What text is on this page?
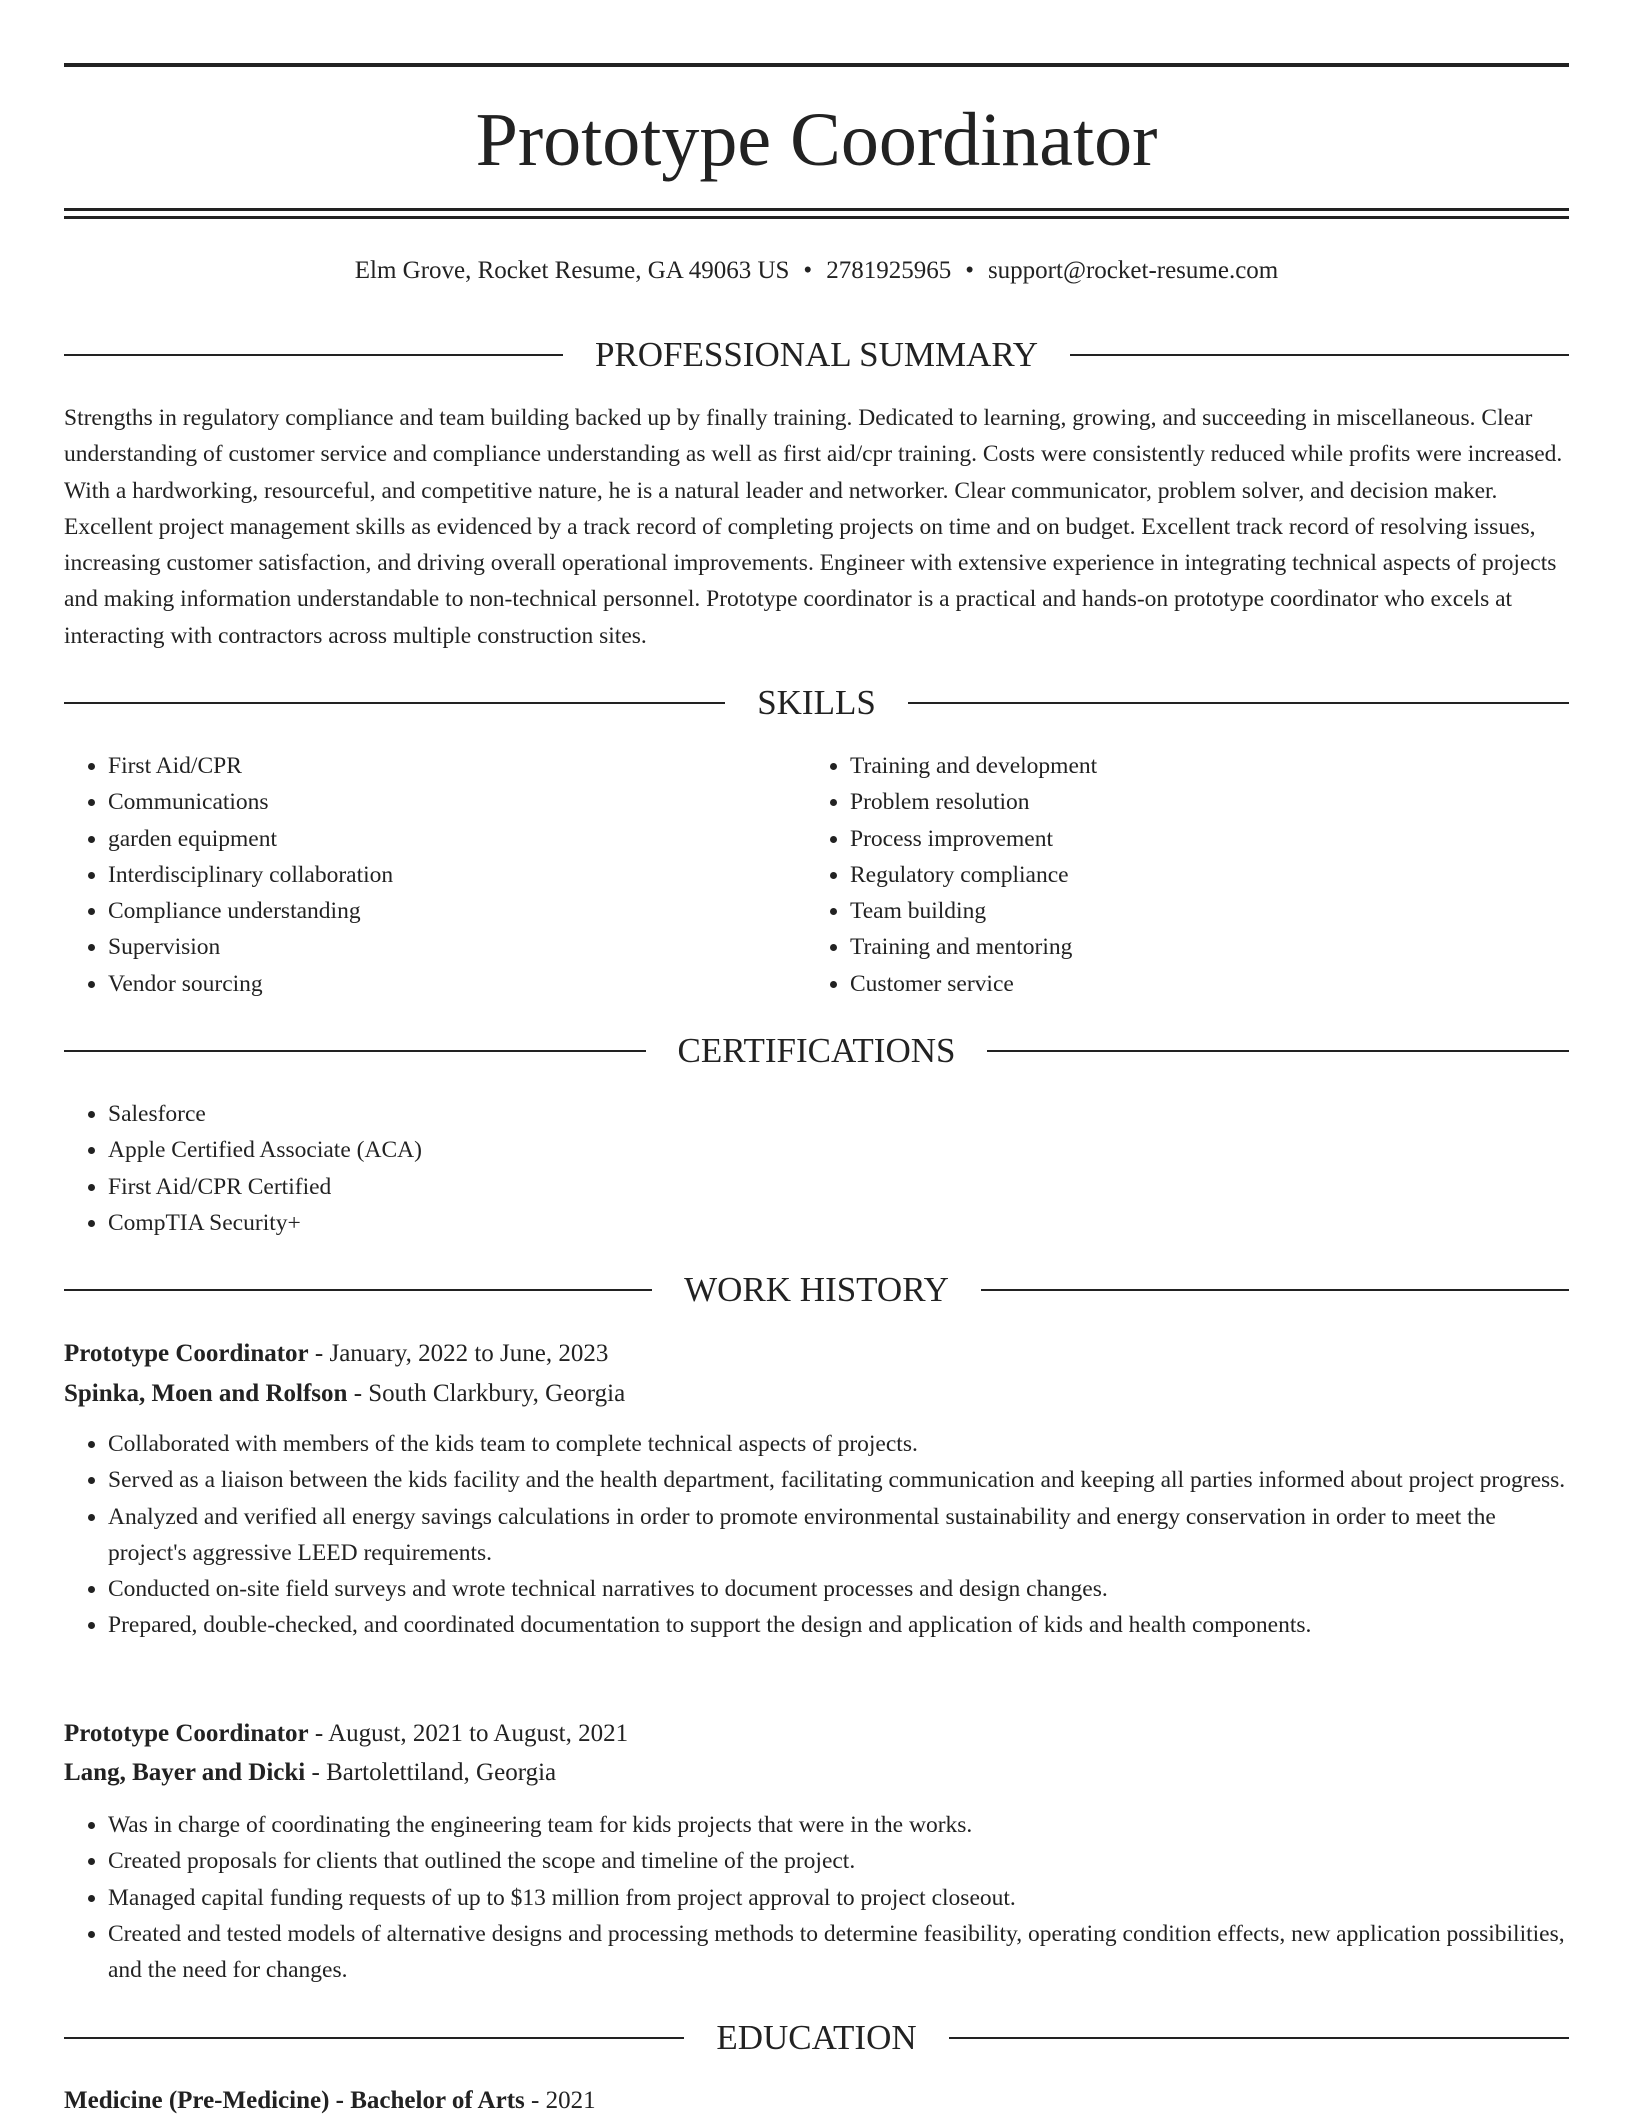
Prototype Coordinator
Elm Grove, Rocket Resume, GA 49063 US • 2781925965 • support@rocket-resume.com
PROFESSIONAL SUMMARY

Strengths in regulatory compliance and team building backed up by finally training. Dedicated to learning, growing, and succeeding in miscellaneous. Clear understanding of customer service and compliance understanding as well as first aid/cpr training. Costs were consistently reduced while profits were increased. With a hardworking, resourceful, and competitive nature, he is a natural leader and networker. Clear communicator, problem solver, and decision maker. Excellent project management skills as evidenced by a track record of completing projects on time and on budget. Excellent track record of resolving issues, increasing customer satisfaction, and driving overall operational improvements. Engineer with extensive experience in integrating technical aspects of projects and making information understandable to non-technical personnel. Prototype coordinator is a practical and hands-on prototype coordinator who excels at interacting with contractors across multiple construction sites.

SKILLS
• First Aid/CPR
• Communications
• garden equipment
• Interdisciplinary collaboration
• Compliance understanding
• Supervision
• Vendor sourcing
• Training and development
• Problem resolution
• Process improvement
• Regulatory compliance
• Team building
• Training and mentoring
• Customer service
CERTIFICATIONS
• Salesforce
• Apple Certified Associate (ACA)
• First Aid/CPR Certified
• CompTIA Security+
WORK HISTORY
Prototype Coordinator - January, 2022 to June, 2023
Spinka, Moen and Rolfson - South Clarkbury, Georgia
• Collaborated with members of the kids team to complete technical aspects of projects.
• Served as a liaison between the kids facility and the health department, facilitating communication and keeping all parties informed about project progress.
• Analyzed and verified all energy savings calculations in order to promote environmental sustainability and energy conservation in order to meet the project's aggressive LEED requirements.
• Conducted on-site field surveys and wrote technical narratives to document processes and design changes.
• Prepared, double-checked, and coordinated documentation to support the design and application of kids and health components.
Prototype Coordinator - August, 2021 to August, 2021
Lang, Bayer and Dicki - Bartolettiland, Georgia
• Was in charge of coordinating the engineering team for kids projects that were in the works.
• Created proposals for clients that outlined the scope and timeline of the project.
• Managed capital funding requests of up to $13 million from project approval to project closeout.
• Created and tested models of alternative designs and processing methods to determine feasibility, operating condition effects, new application possibilities, and the need for changes.
EDUCATION
Medicine (Pre-Medicine) - Bachelor of Arts - 2021
